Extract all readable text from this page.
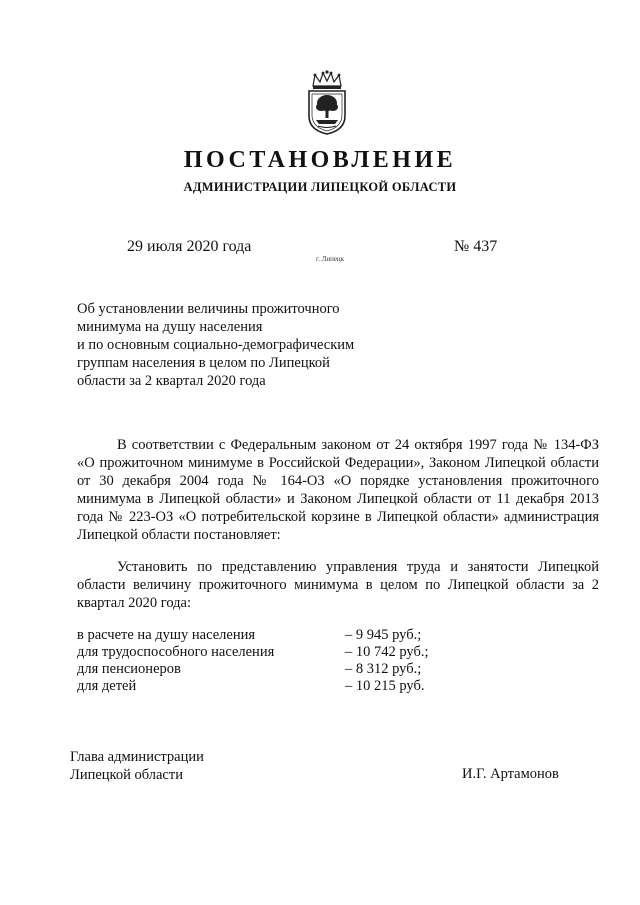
ПОСТАНОВЛЕНИЕ
АДМИНИСТРАЦИИ ЛИПЕЦКОЙ ОБЛАСТИ
29 июля 2020 года	№ 437
г. Липецк
Об установлении величины прожиточного
минимума на душу населения
и по основным социально-демографическим
группам населения в целом по Липецкой
области за 2 квартал 2020 года
В соответствии с Федеральным законом от 24 октября 1997 года № 134-ФЗ «О прожиточном минимуме в Российской Федерации», Законом Липецкой области от 30 декабря 2004 года № 164-ОЗ «О порядке установления прожиточного минимума в Липецкой области» и Законом Липецкой области от 11 декабря 2013 года № 223-ОЗ «О потребительской корзине в Липецкой области» администрация Липецкой области постановляет:
Установить по представлению управления труда и занятости Липецкой области величину прожиточного минимума в целом по Липецкой области за 2 квартал 2020 года:
в расчете на душу населения	– 9 945 руб.;
для трудоспособного населения	– 10 742 руб.;
для пенсионеров	– 8 312 руб.;
для детей	– 10 215 руб.
Глава администрации
Липецкой области	И.Г. Артамонов
